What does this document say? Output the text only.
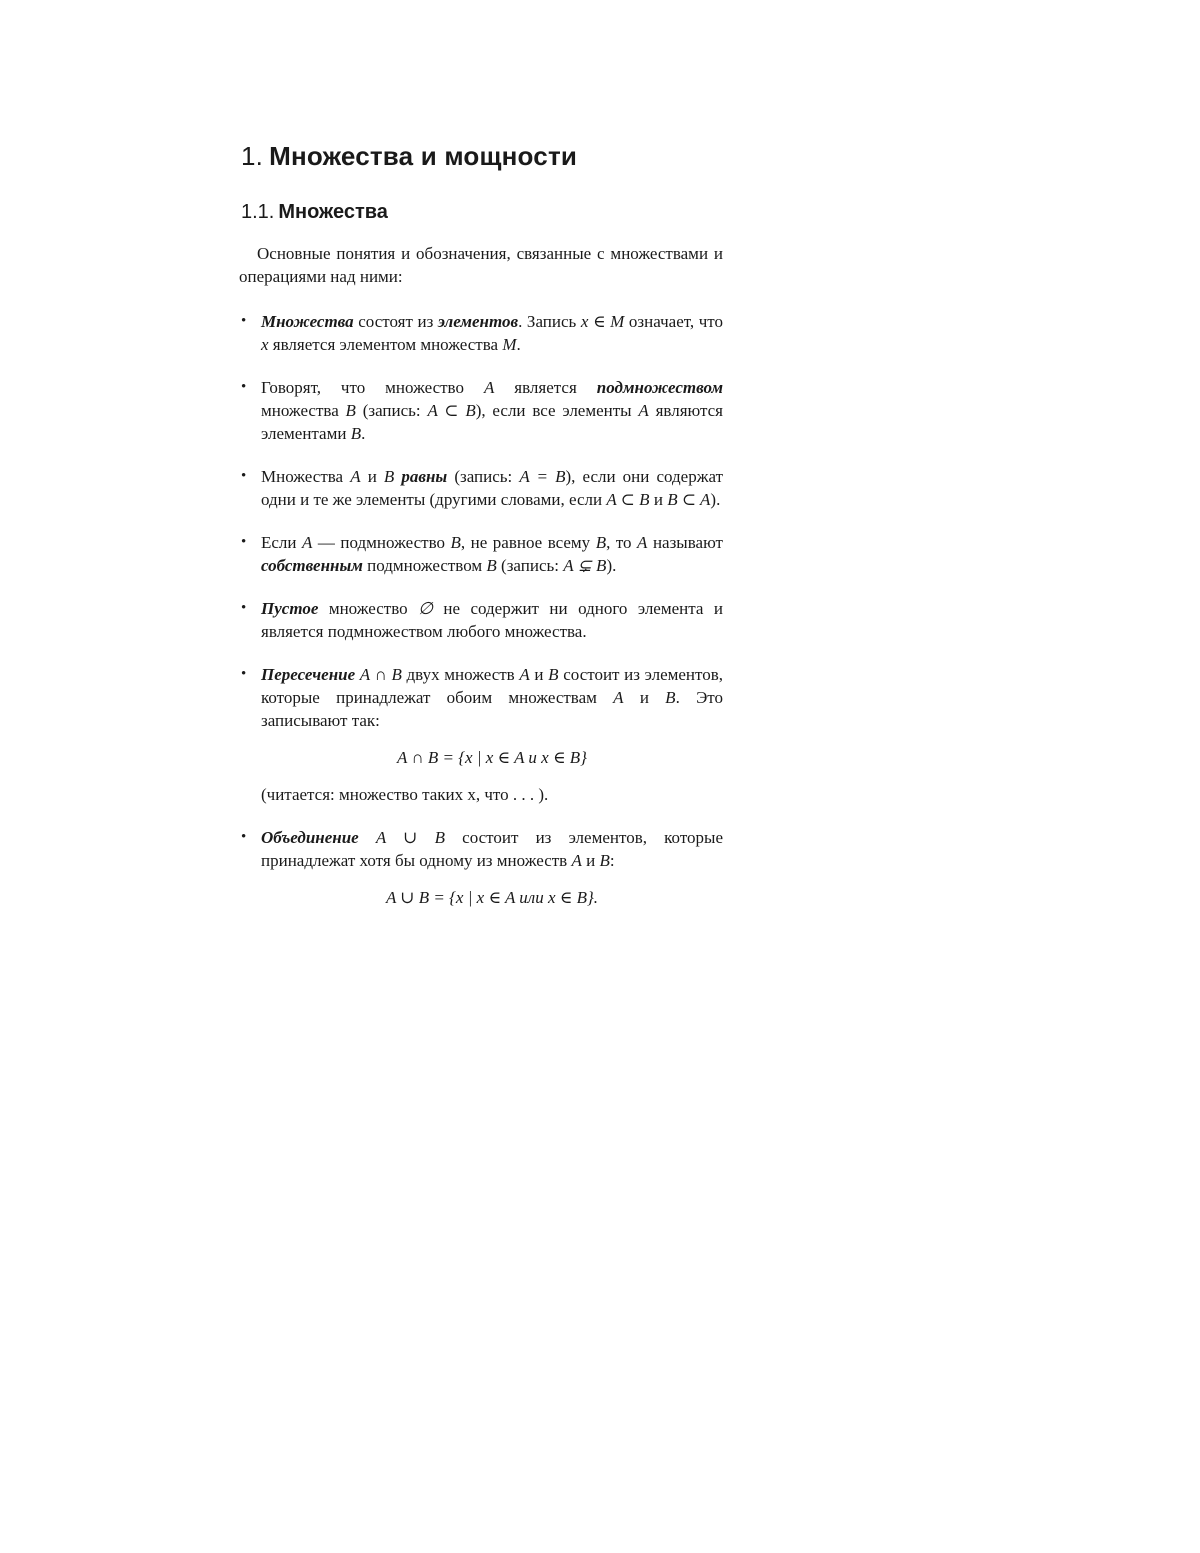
1. Множества и мощности
1.1. Множества

Основные понятия и обозначения, связанные с множествами и операциями над ними:

• Множества состоят из элементов. Запись x ∈ M означает, что x является элементом множества M.
• Говорят, что множество A является подмножеством множества B (запись: A ⊂ B), если все элементы A являются элементами B.
• Множества A и B равны (запись: A = B), если они содержат одни и те же элементы (другими словами, если A ⊂ B и B ⊂ A).
• Если A — подмножество B, не равное всему B, то A называют собственным подмножеством B (запись: A ⊊ B).
• Пустое множество ∅ не содержит ни одного элемента и является подмножеством любого множества.
• Пересечение A ∩ B двух множеств A и B состоит из элементов, которые принадлежат обоим множествам A и B. Это записывают так:
A ∩ B = {x | x ∈ A и x ∈ B}
(читается: множество таких x, что . . . ).
• Объединение A ∪ B состоит из элементов, которые принадлежат хотя бы одному из множеств A и B:
A ∪ B = {x | x ∈ A или x ∈ B}.
